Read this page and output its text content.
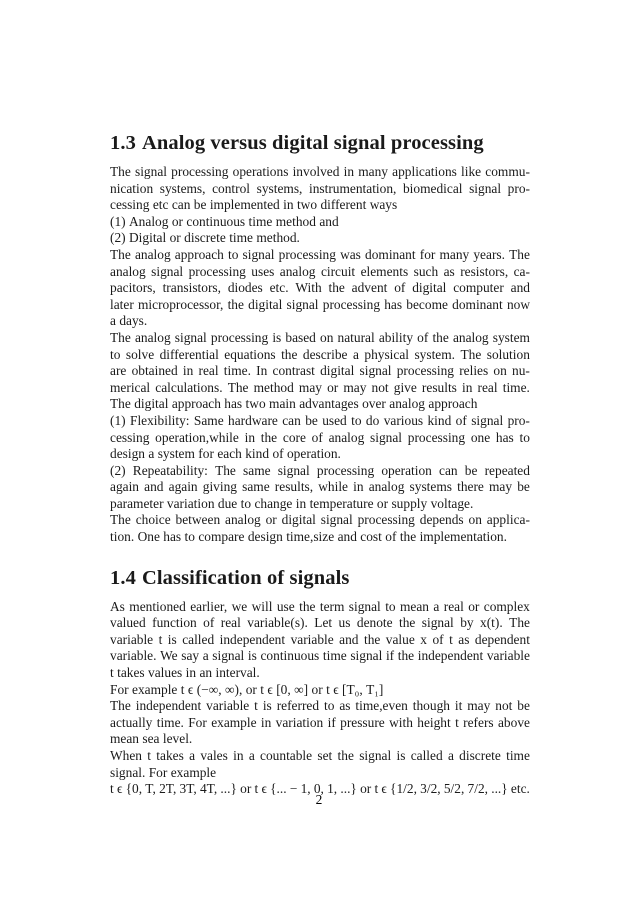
1.3 Analog versus digital signal processing
The signal processing operations involved in many applications like commu-
nication systems, control systems, instrumentation, biomedical signal pro-
cessing etc can be implemented in two different ways
(1) Analog or continuous time method and
(2) Digital or discrete time method.
The analog approach to signal processing was dominant for many years. The
analog signal processing uses analog circuit elements such as resistors, ca-
pacitors, transistors, diodes etc. With the advent of digital computer and
later microprocessor, the digital signal processing has become dominant now
a days.
The analog signal processing is based on natural ability of the analog system
to solve differential equations the describe a physical system. The solution
are obtained in real time. In contrast digital signal processing relies on nu-
merical calculations. The method may or may not give results in real time.
The digital approach has two main advantages over analog approach
(1) Flexibility: Same hardware can be used to do various kind of signal pro-
cessing operation,while in the core of analog signal processing one has to
design a system for each kind of operation.
(2) Repeatability: The same signal processing operation can be repeated
again and again giving same results, while in analog systems there may be
parameter variation due to change in temperature or supply voltage.
The choice between analog or digital signal processing depends on applica-
tion. One has to compare design time,size and cost of the implementation.
1.4 Classification of signals
As mentioned earlier, we will use the term signal to mean a real or complex
valued function of real variable(s). Let us denote the signal by x(t). The
variable t is called independent variable and the value x of t as dependent
variable. We say a signal is continuous time signal if the independent variable
t takes values in an interval.
For example t ϵ (−∞, ∞), or t ϵ [0, ∞] or t ϵ [T₀, T₁]
The independent variable t is referred to as time,even though it may not be
actually time. For example in variation if pressure with height t refers above
mean sea level.
When t takes a vales in a countable set the signal is called a discrete time
signal. For example
t ϵ {0, T, 2T, 3T, 4T, ...} or t ϵ {... − 1, 0, 1, ...} or t ϵ {1/2, 3/2, 5/2, 7/2, ...} etc.
2
